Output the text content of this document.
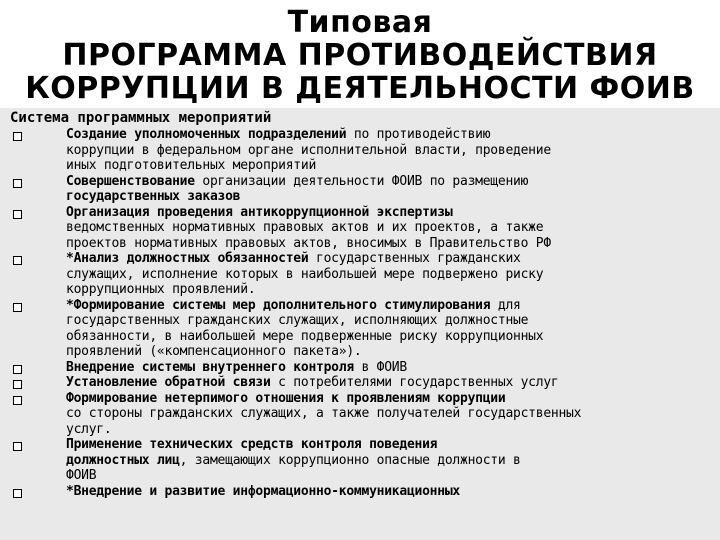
Типовая
ПРОГРАММА ПРОТИВОДЕЙСТВИЯ
КОРРУПЦИИ В ДЕЯТЕЛЬНОСТИ ФОИВ
Система программных мероприятий
Создание уполномоченных подразделений по противодействию
коррупции в федеральном органе исполнительной власти, проведение
иных подготовительных мероприятий
Совершенствование организации деятельности ФОИВ по размещению
государственных заказов
Организация проведения антикоррупционной экспертизы
ведомственных нормативных правовых актов и их проектов, а также
проектов нормативных правовых актов, вносимых в Правительство РФ
*Анализ должностных обязанностей государственных гражданских
служащих, исполнение которых в наибольшей мере подвержено риску
коррупционных проявлений.
*Формирование системы мер дополнительного стимулирования для
государственных гражданских служащих, исполняющих должностные
обязанности, в наибольшей мере подверженные риску коррупционных
проявлений («компенсационного пакета»).
Внедрение системы внутреннего контроля в ФОИВ
Установление обратной связи с потребителями государственных услуг
Формирование нетерпимого отношения к проявлениям коррупции
со стороны гражданских служащих, а также получателей государственных
услуг.
Применение технических средств контроля поведения
должностных лиц, замещающих коррупционно опасные должности в
ФОИВ
*Внедрение и развитие информационно-коммуникационных
